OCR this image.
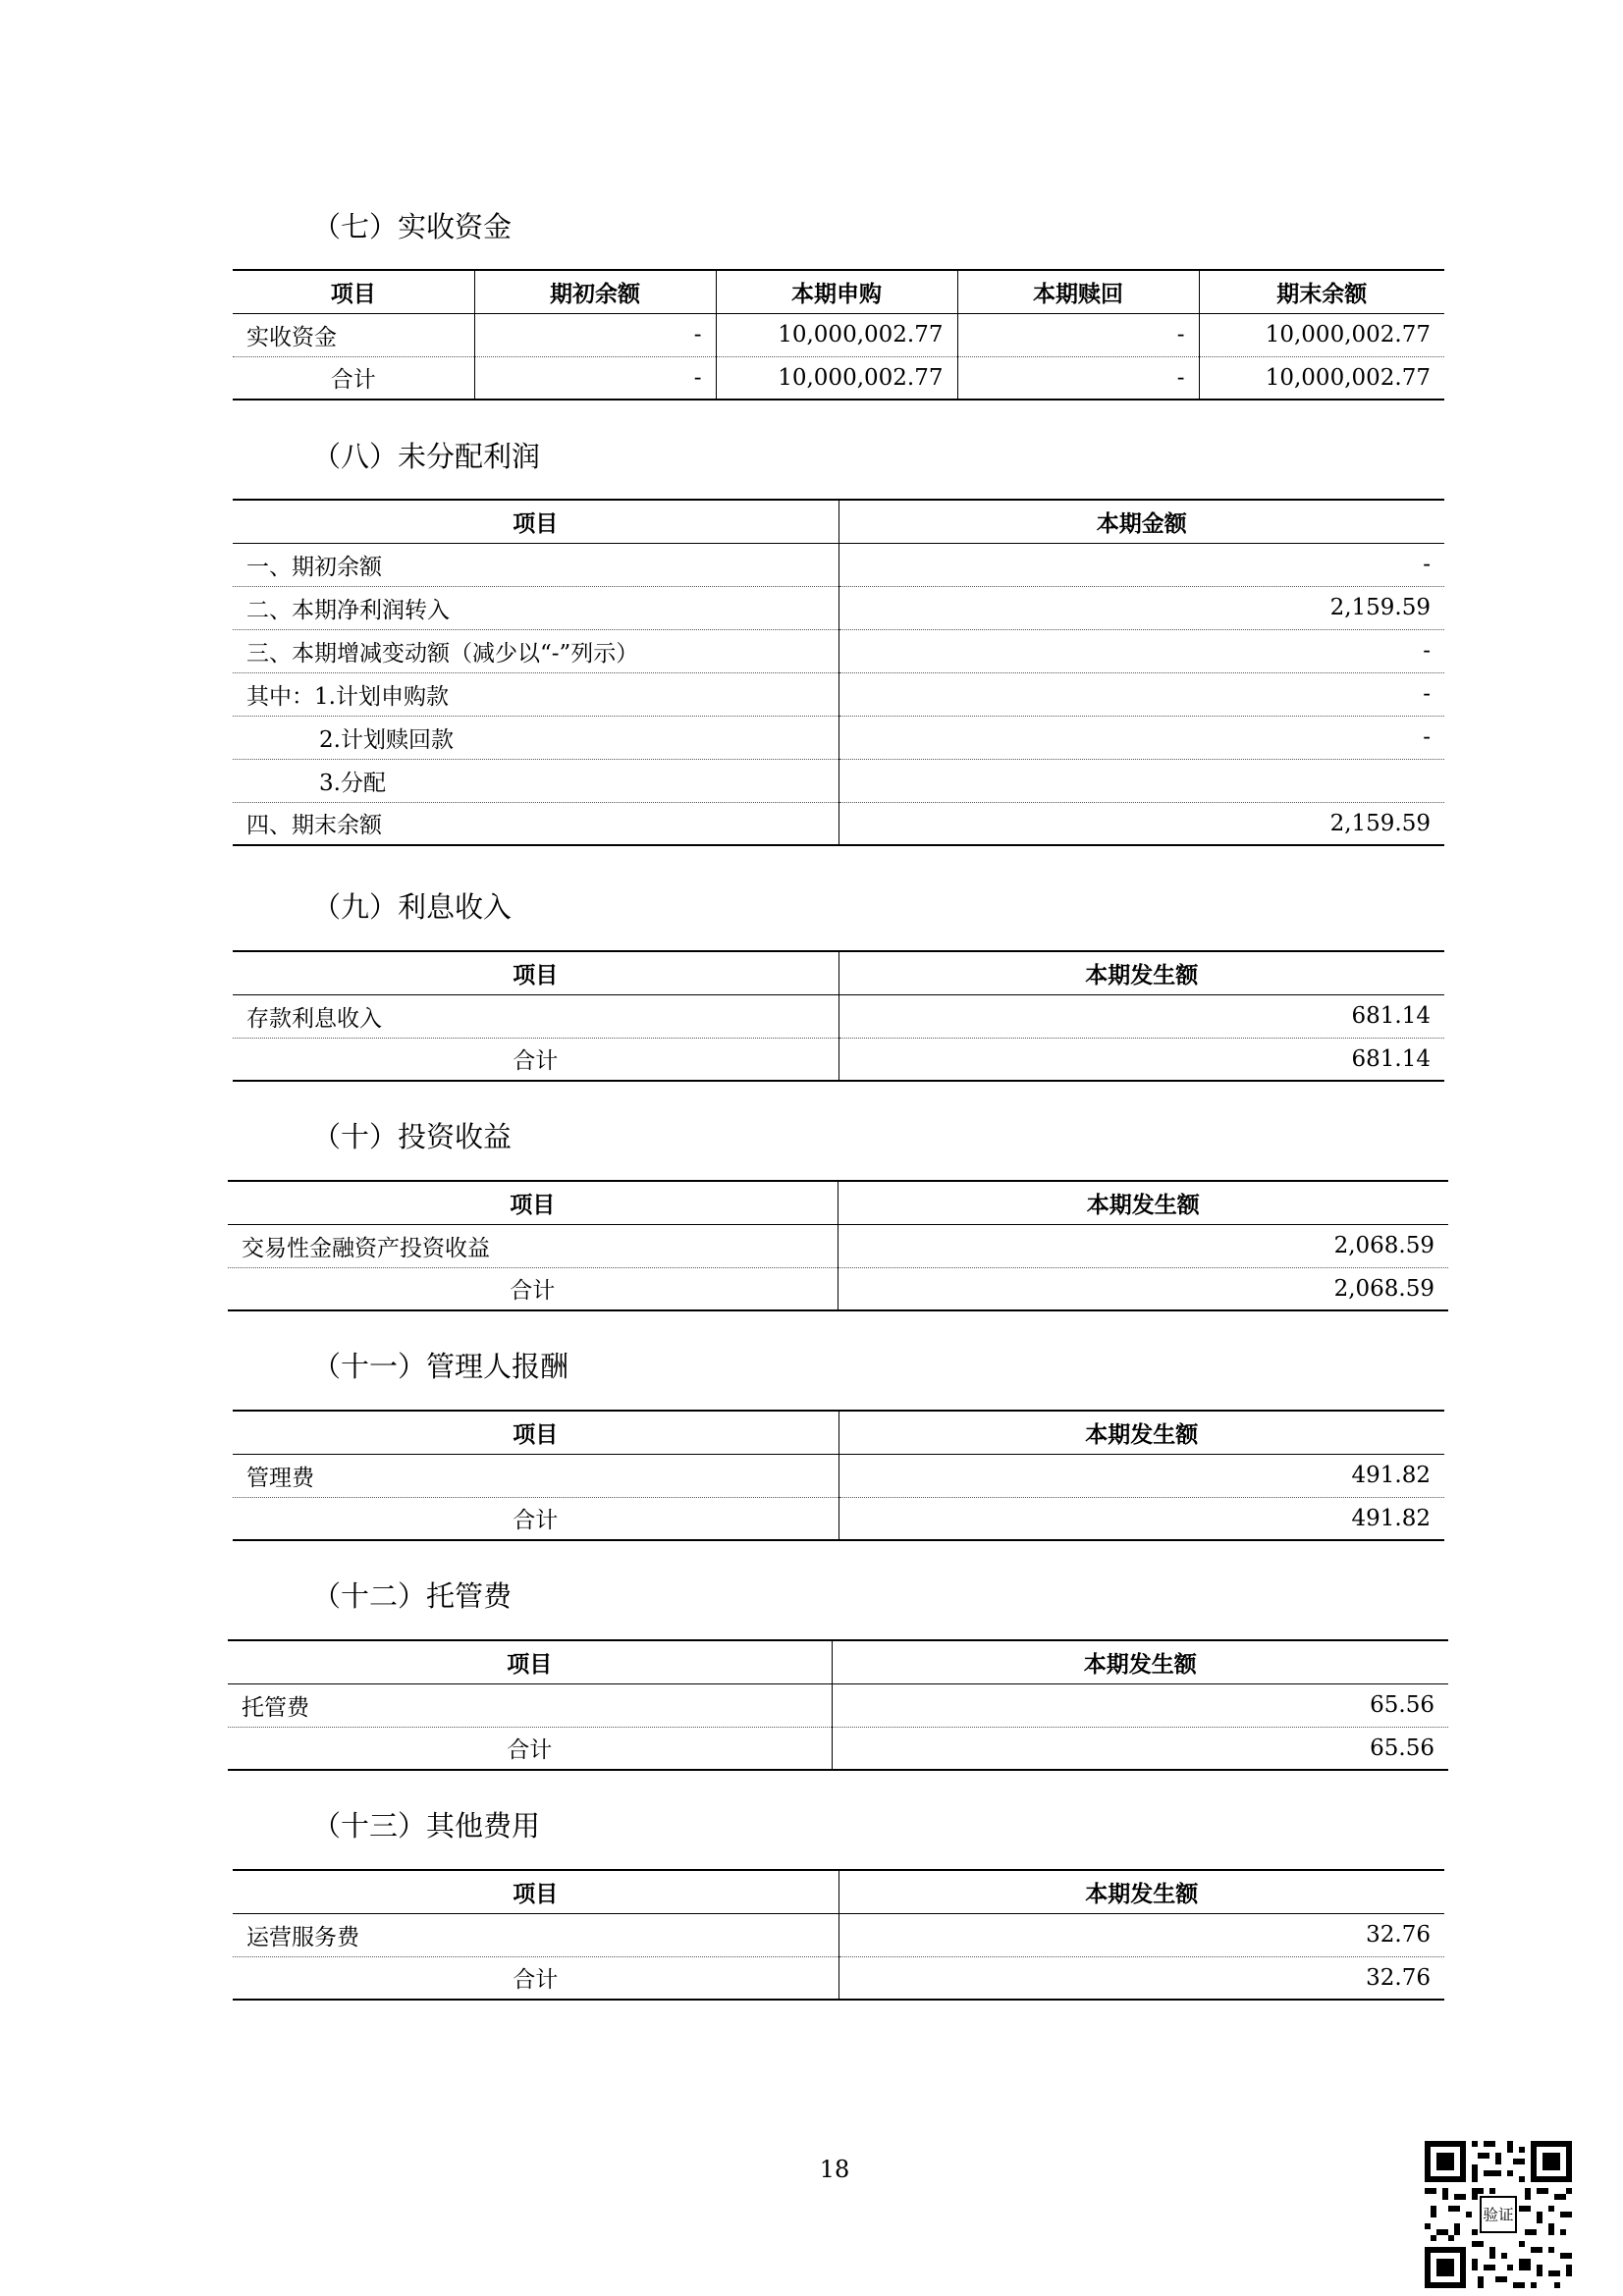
（七）实收资金
项目	期初余额	本期申购	本期赎回	期末余额
实收资金	-	10,000,002.77	-	10,000,002.77
合计	-	10,000,002.77	-	10,000,002.77
（八）未分配利润
项目	本期金额
一、期初余额	-
二、本期净利润转入	2,159.59
三、本期增减变动额（减少以“-”列示）	-
其中：1.计划申购款	-
2.计划赎回款	-
3.分配	
四、期末余额	2,159.59
（九）利息收入
项目	本期发生额
存款利息收入	681.14
合计	681.14
（十）投资收益
项目	本期发生额
交易性金融资产投资收益	2,068.59
合计	2,068.59
（十一）管理人报酬
项目	本期发生额
管理费	491.82
合计	491.82
（十二）托管费
项目	本期发生额
托管费	65.56
合计	65.56
（十三）其他费用
项目	本期发生额
运营服务费	32.76
合计	32.76
18
验证
